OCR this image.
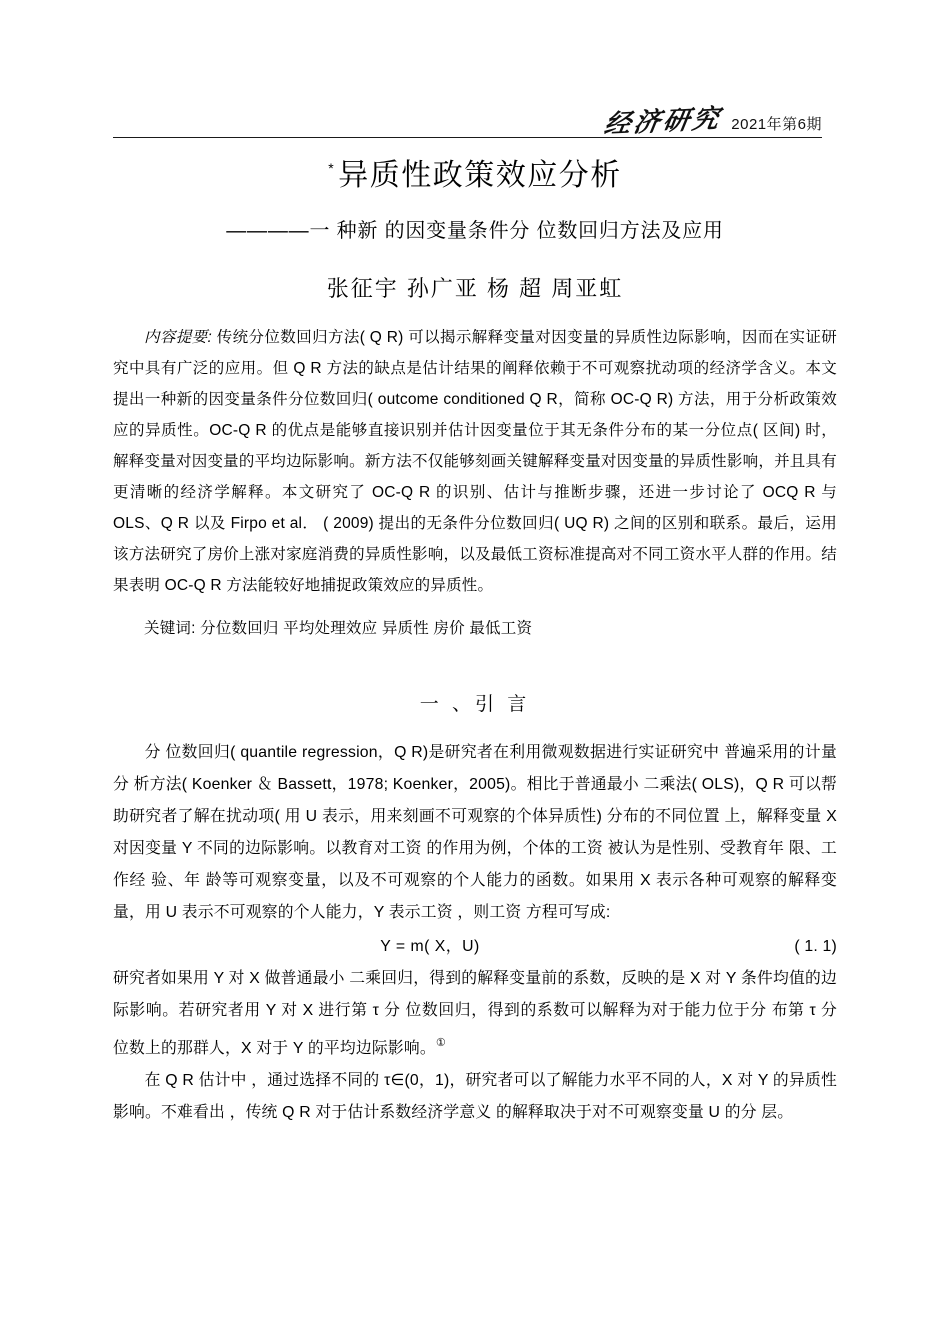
经济研究 2021年第6期
* 异质性政策效应分析
————一 种新 的因变量条件分 位数回归方法及应用
张征宇 孙广亚 杨 超 周亚虹
内容提要: 传统分位数回归方法( Q R) 可以揭示解释变量对因变量的异质性边际影响，因而在实证研究中具有广泛的应用。但 Q R 方法的缺点是估计结果的阐释依赖于不可观察扰动项的经济学含义。本文提出一种新的因变量条件分位数回归( outcome conditioned Q R，简称 OC-Q R) 方法，用于分析政策效应的异质性。OC-Q R 的优点是能够直接识别并估计因变量位于其无条件分布的某一分位点( 区间) 时，解释变量对因变量的平均边际影响。新方法不仅能够刻画关键解释变量对因变量的异质性影响，并且具有更清晰的经济学解释。本文研究了 OC-Q R 的识别、估计与推断步骤，还进一步讨论了 OCQ R 与 OLS、Q R 以及 Firpo et al． ( 2009) 提出的无条件分位数回归( UQ R) 之间的区别和联系。最后，运用该方法研究了房价上涨对家庭消费的异质性影响，以及最低工资标准提高对不同工资水平人群的作用。结果表明 OC-Q R 方法能较好地捕捉政策效应的异质性。
关键词: 分位数回归 平均处理效应 异质性 房价 最低工资
一 、引 言

分 位数回归( quantile regression，Q R)是研究者在利用微观数据进行实证研究中 普遍采用的计量分 析方法( Koenker ＆ Bassett，1978; Koenker，2005)。相比于普通最小 二乘法( OLS)，Q R 可以帮助研究者了解在扰动项( 用 U 表示，用来刻画不可观察的个体异质性) 分布的不同位置 上，解释变量 X 对因变量 Y 不同的边际影响。以教育对工资 的作用为例，个体的工资 被认为是性别、受教育年 限、工作经 验、年 龄等可观察变量，以及不可观察的个人能力的函数。如果用 X 表示各种可观察的解释变量，用 U 表示不可观察的个人能力，Y 表示工资 ，则工资 方程可写成:

Y = m( X，U)	( 1. 1)

研究者如果用 Y 对 X 做普通最小 二乘回归，得到的解释变量前的系数，反映的是 X 对 Y 条件均值的边际影响。若研究者用 Y 对 X 进行第 τ 分 位数回归，得到的系数可以解释为对于能力位于分 布第 τ 分 位数上的那群人，X 对于 Y 的平均边际影响。①

在 Q R 估计中 ，通过选择不同的 τ∈(0，1)，研究者可以了解能力水平不同的人，X 对 Y 的异质性影响。不难看出 ，传统 Q R 对于估计系数经济学意义 的解释取决于对不可观察变量 U 的分 层。
